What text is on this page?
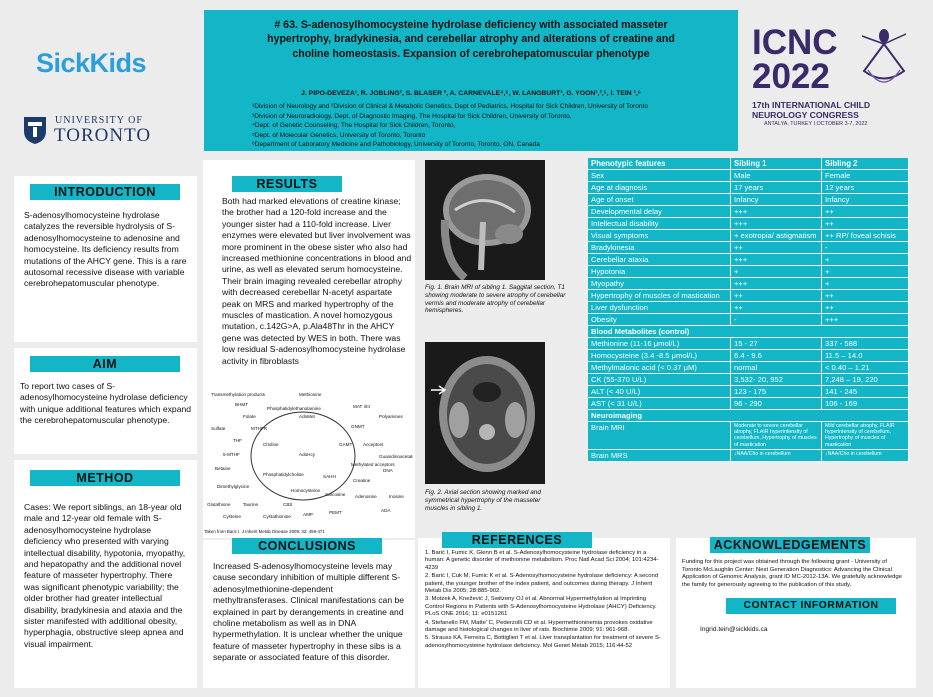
SickKids
UNIVERSITY OF
TORONTO
ICNC
2022
17th INTERNATIONAL CHILD
NEUROLOGY CONGRESS
ANTALYA, TURKEY I OCTOBER 3-7, 2022
# 63. S-adenosylhomocysteine hydrolase deficiency with associated masseter
hypertrophy, bradykinesia, and cerebellar atrophy and alterations of creatine and
choline homeostasis. Expansion of cerebrohepatomuscular phenotype
J. PIPO-DEVEZA¹, R. JOBLING², S. BLASER ³, A. CARNEVALE⁴,⁵, W. LANGBURT¹, G. YOON¹,²,⁵, I. TEIN ¹,⁶
¹Division of Neurology and ²Division of Clinical & Metabolic Genetics, Dept of Pediatrics, Hospital for Sick Children, University of Toronto
³Division of Neuroradiology, Dept. of Diagnostic Imaging, The Hospital for Sick Children, University of Toronto,
⁴Dept. of Genetic Counseling, The Hospital for Sick Children, Toronto,
⁵Dept. of Molecular Genetics, University of Toronto, Toronto
⁶Department of Laboratory Medicine and Pathobiology, University of Toronto, Toronto, ON, Canada
INTRODUCTION
S-adenosylhomocysteine hydrolase catalyzes the reversible hydrolysis of S-adenosylhomocysteine to adenosine and homocysteine. Its deficiency results from mutations of the AHCY gene. This is a rare autosomal recessive disease with variable cerebrohepatomuscular phenotype.
AIM
To report two cases of S-adenosylhomocysteine hydrolase deficiency with unique additional features which expand the cerebrohepatomuscular phenotype.
METHOD
Cases: We report siblings, an 18-year old male and 12-year old female with S-adenosylhomocysteine hydrolase deficiency who presented with varying intellectual disability, hypotonia, myopathy, and hepatopathy and the additional novel feature of masseter hypertrophy. There was significant phenotypic variability; the older brother had greater intellectual disability, bradykinesia and ataxia and the sister manifested with additional obesity, hyperphagia, obstructive sleep apnea and visual impairment.
RESULTS
Both had marked elevations of creatine kinase; the brother had a 120-fold increase and the younger sister had a 110-fold increase. Liver enzymes were elevated but liver involvement was more prominent in the obese sister who also had increased methionine concentrations in blood and urine, as well as elevated serum homocysteine. Their brain imaging revealed cerebellar atrophy with decreased cerebellar N-acetyl aspartate peak on MRS and marked hypertrophy of the muscles of mastication. A novel homozygous mutation, c.142G>A, p.Ala48Thr in the AHCY gene was detected by WES in both. There was low residual S-adenosylhomocysteine hydrolase activity in fibroblasts
Transmethylation products	Methionine
MAT I/III
AdoMet
GNMT
Acceptors
Methylated acceptors
AdoHcy
SAHH
Adenosine
ADA
Inosine
Homocysteine
CBS
Cystathionine
Cysteine
Glutathione	Taurine
Sulfate
THF
5-MTHF
MTHFR
BHMT
Betaine
Choline
Dimethylglycine
Creatine
Guanidinoacetate
Sarcosine
Phosphatidylcholine
Phosphatidylethanolamine
PEMT
GAMT
AMP
Polyamines
DNA
Folate
Taken from Baric I. J Inherit Metab Disease 2009; 32: 459-471
CONCLUSIONS
Increased S-adenosylhomocysteine levels may cause secondary inhibition of multiple different S-adenosylmethionine-dependent methyltransferases. Clinical manifestations can be explained in part by derangements in creatine and choline metabolism as well as in DNA hypermethylation. It is unclear whether the unique feature of masseter hypertrophy in these sibs is a separate or associated feature of this disorder.
Fig. 1. Brain MRI of sibling 1. Saggital section, T1 showing moderate to severe atrophy of cerebellar vermis and moderate atrophy of cerebellar hemispheres.
Fig. 2. Axial section showing marked and symmetrical hypertrophy of the masseter muscles in sibling 1.
Phenotypic features	Sibling 1	Sibling 2
Sex	Male	Female
Age at diagnosis	17 years	12 years
Age of onset	Infancy	Infancy
Developmental delay	+++	++
Intellectual disability	+++	++
Visual symptoms	+ exotropia/ astigmatism	++ RP/ foveal schisis
Bradykinesia	++	-
Cerebellar ataxia	+++	+
Hypotonia	+	+
Myopathy	+++	+
Hypertrophy of muscles of mastication	++	++
Liver dysfunction	++	++
Obesity	-	+++
Blood Metabolites (control)		
Methionine (11-16 μmol/L)	15 - 27	337 - 588
Homocysteine (3.4 -8.5 μmol/L)	6.4 - 9.6	11.5 – 14.0
Methylmalonic acid (< 0.37 μM)	normal	< 0.40 – 1.21
CK (55-370 U/L)	3,532- 20, 952	7,248 – 19, 220
ALT (< 40 U/L)	123 - 175	141 - 245
AST (< 31 U/L)	96 - 290	106 - 169
Neuroimaging		
Brain MRI	Moderate to severe cerebellar atrophy, FLAIR hyperintensity of cerebellum, Hypertrophy of muscles of mastication	Mild cerebellar atrophy, FLAIR hyperintensity of cerebellum, Hypertrophy of muscles of mastication
Brain MRS	↓NAA/Cho in cerebellum	↓NAA/Cho in cerebellum
REFERENCES
1. Barić I, Fumic K, Glenn B et al. S-Adenosylhomocysteine hydrolase deficiency in a human: A genetic disorder of methionine metabolism. Proc Natl Acad Sci 2004; 101:4234-4239
2. Barić I, Cuk M, Fumic K et al. S-Adenosylhomocysteine hydrolase deficiency: A second patient, the younger brother of the index patient, and outcomes during therapy. J Inherit Metab Dis 2005; 28:885-902.
3. Motzek A, Knežević J, Switzeny OJ et al. Abnormal Hypermethylation at Imprinting Control Regions in Patients with S-Adenosylhomocysteine Hydrolase (AHCY) Deficiency. PLoS ONE 2016; 11: e0151261
4. Stefanello FM, Matte' C, Pederzolli CD et al. Hypermethioninemia provokes oxidative damage and histological changes in liver of rats. Biochimie 2009; 91: 961-968.
5. Strauss KA, Ferreira C, Bottiglieri T et al. Liver transplantation for treatment of severe S-adenosylhomocysteine hydrolase deficiency. Mol Genet Metab 2015; 116:44-52
ACKNOWLEDGEMENTS
Funding for this project was obtained through the following grant - University of Toronto McLaughlin Center: Next Generation Diagnostics: Advancing the Clinical Application of Genomic Analysis, grant ID MC-2012-13A. We gratefully acknowledge the family for generously agreeing to the publication of this study.
CONTACT INFORMATION
Ingrid.tein@sickkids.ca
